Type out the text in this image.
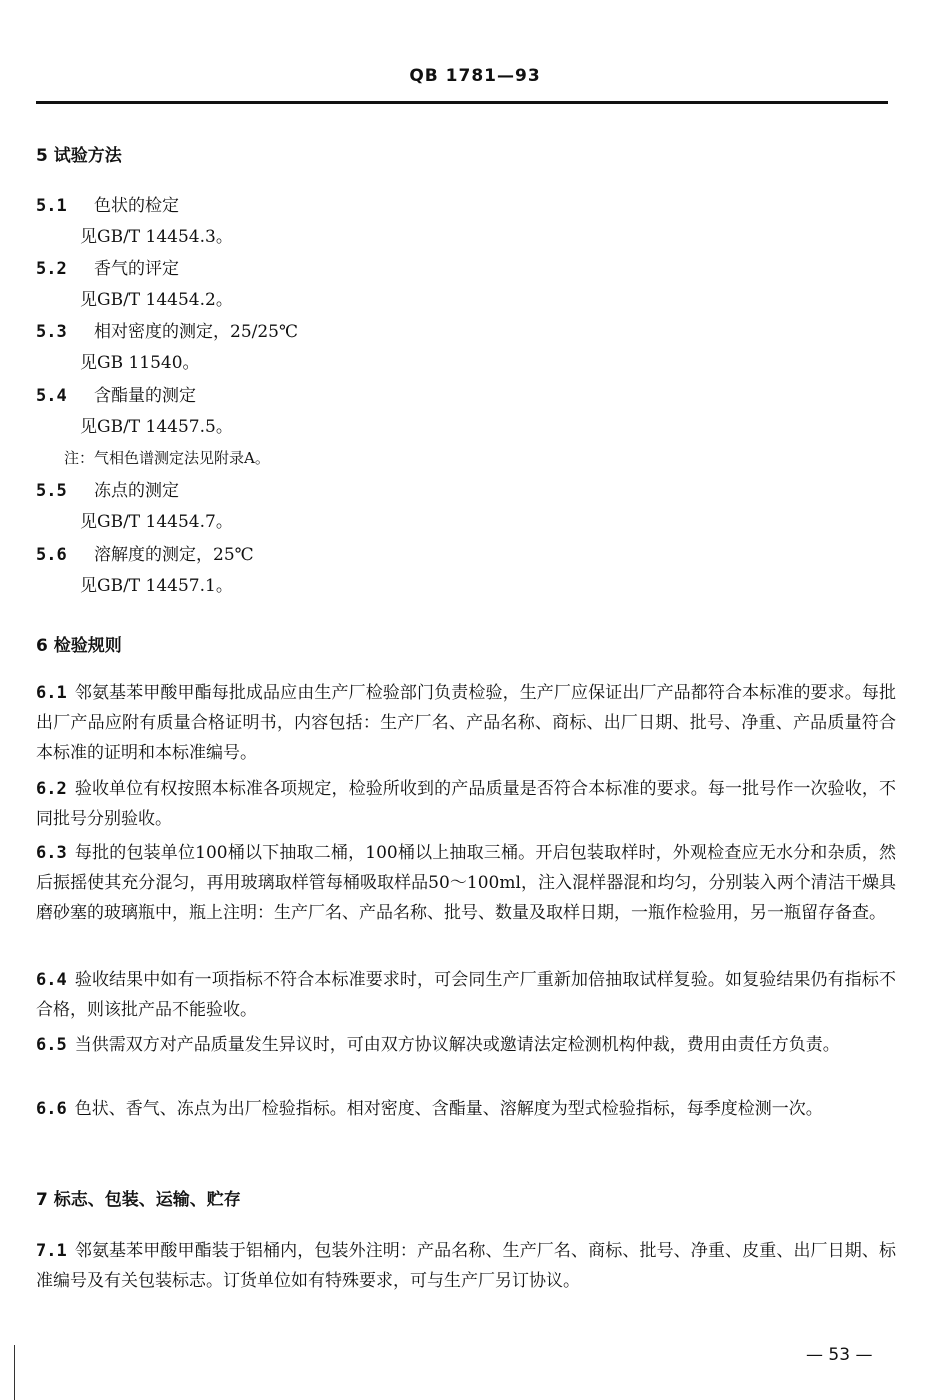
QB 1781—93
5 试验方法
5.1 色状的检定
见GB/T 14454.3。
5.2 香气的评定
见GB/T 14454.2。
5.3 相对密度的测定，25/25℃
见GB 11540。
5.4 含酯量的测定
见GB/T 14457.5。
注：气相色谱测定法见附录A。
5.5 冻点的测定
见GB/T 14454.7。
5.6 溶解度的测定，25℃
见GB/T 14457.1。
6 检验规则
6.1 邻氨基苯甲酸甲酯每批成品应由生产厂检验部门负责检验，生产厂应保证出厂产品都符合本标准的要求。每批出厂产品应附有质量合格证明书，内容包括：生产厂名、产品名称、商标、出厂日期、批号、净重、产品质量符合本标准的证明和本标准编号。
6.2 验收单位有权按照本标准各项规定，检验所收到的产品质量是否符合本标准的要求。每一批号作一次验收，不同批号分别验收。
6.3 每批的包装单位100桶以下抽取二桶，100桶以上抽取三桶。开启包装取样时，外观检查应无水分和杂质，然后振摇使其充分混匀，再用玻璃取样管每桶吸取样品50～100ml，注入混样器混和均匀，分别装入两个清洁干燥具磨砂塞的玻璃瓶中，瓶上注明：生产厂名、产品名称、批号、数量及取样日期，一瓶作检验用，另一瓶留存备查。
6.4 验收结果中如有一项指标不符合本标准要求时，可会同生产厂重新加倍抽取试样复验。如复验结果仍有指标不合格，则该批产品不能验收。
6.5 当供需双方对产品质量发生异议时，可由双方协议解决或邀请法定检测机构仲裁，费用由责任方负责。
6.6 色状、香气、冻点为出厂检验指标。相对密度、含酯量、溶解度为型式检验指标，每季度检测一次。
7 标志、包装、运输、贮存
7.1 邻氨基苯甲酸甲酯装于铝桶内，包装外注明：产品名称、生产厂名、商标、批号、净重、皮重、出厂日期、标准编号及有关包装标志。订货单位如有特殊要求，可与生产厂另订协议。
— 53 —
